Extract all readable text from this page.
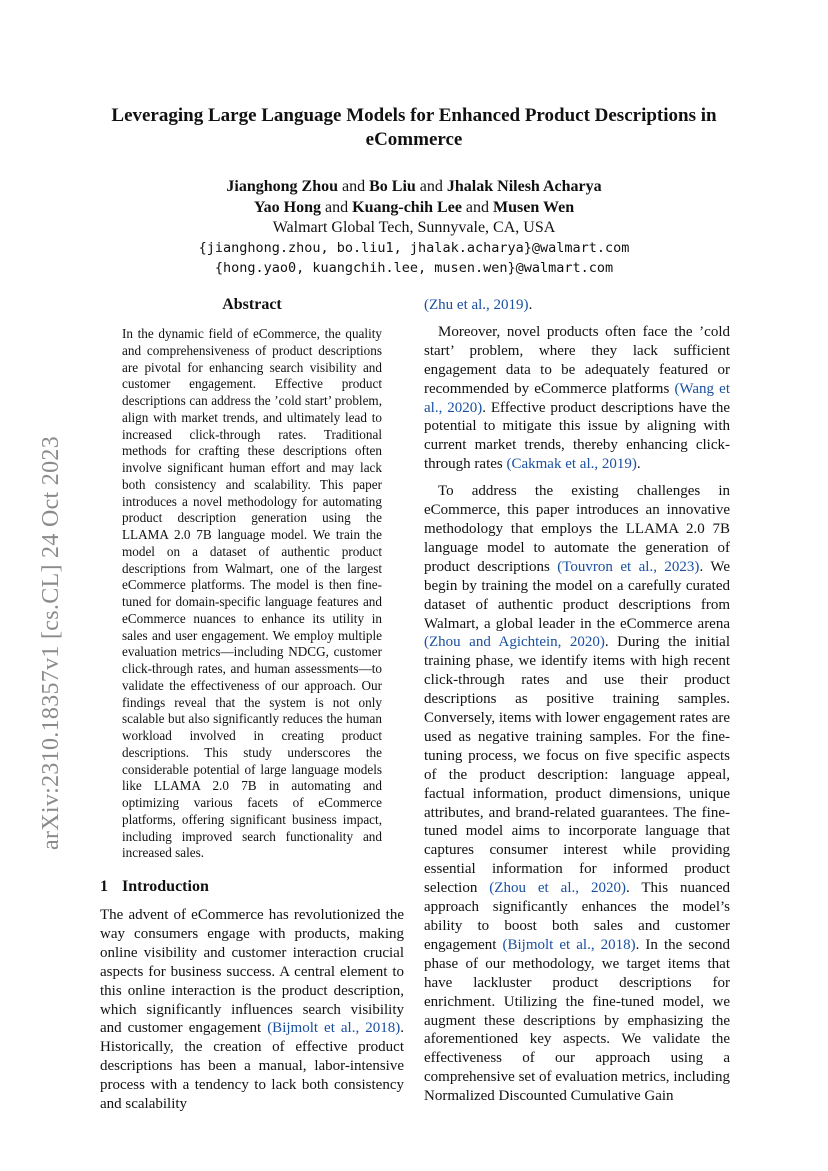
arXiv:2310.18357v1 [cs.CL] 24 Oct 2023
Leveraging Large Language Models for Enhanced Product Descriptions in eCommerce
Jianghong Zhou and Bo Liu and Jhalak Nilesh Acharya
Yao Hong and Kuang-chih Lee and Musen Wen
Walmart Global Tech, Sunnyvale, CA, USA
{jianghong.zhou, bo.liu1, jhalak.acharya}@walmart.com
{hong.yao0, kuangchih.lee, musen.wen}@walmart.com
Abstract
In the dynamic field of eCommerce, the quality and comprehensiveness of product descriptions are pivotal for enhancing search visibility and customer engagement. Effective product descriptions can address the ’cold start’ problem, align with market trends, and ultimately lead to increased click-through rates. Traditional methods for crafting these descriptions often involve significant human effort and may lack both consistency and scalability. This paper introduces a novel methodology for automating product description generation using the LLAMA 2.0 7B language model. We train the model on a dataset of authentic product descriptions from Walmart, one of the largest eCommerce platforms. The model is then fine-tuned for domain-specific language features and eCommerce nuances to enhance its utility in sales and user engagement. We employ multiple evaluation metrics—including NDCG, customer click-through rates, and human assessments—to validate the effectiveness of our approach. Our findings reveal that the system is not only scalable but also significantly reduces the human workload involved in creating product descriptions. This study underscores the considerable potential of large language models like LLAMA 2.0 7B in automating and optimizing various facets of eCommerce platforms, offering significant business impact, including improved search functionality and increased sales.
1 Introduction

The advent of eCommerce has revolutionized the way consumers engage with products, making online visibility and customer interaction crucial aspects for business success. A central element to this online interaction is the product description, which significantly influences search visibility and customer engagement (Bijmolt et al., 2018). Historically, the creation of effective product descriptions has been a manual, labor-intensive process with a tendency to lack both consistency and scalability

(Zhu et al., 2019).

Moreover, novel products often face the ’cold start’ problem, where they lack sufficient engagement data to be adequately featured or recommended by eCommerce platforms (Wang et al., 2020). Effective product descriptions have the potential to mitigate this issue by aligning with current market trends, thereby enhancing click-through rates (Cakmak et al., 2019).

To address the existing challenges in eCommerce, this paper introduces an innovative methodology that employs the LLAMA 2.0 7B language model to automate the generation of product descriptions (Touvron et al., 2023). We begin by training the model on a carefully curated dataset of authentic product descriptions from Walmart, a global leader in the eCommerce arena (Zhou and Agichtein, 2020). During the initial training phase, we identify items with high recent click-through rates and use their product descriptions as positive training samples. Conversely, items with lower engagement rates are used as negative training samples. For the fine-tuning process, we focus on five specific aspects of the product description: language appeal, factual information, product dimensions, unique attributes, and brand-related guarantees. The fine-tuned model aims to incorporate language that captures consumer interest while providing essential information for informed product selection (Zhou et al., 2020). This nuanced approach significantly enhances the model’s ability to boost both sales and customer engagement (Bijmolt et al., 2018). In the second phase of our methodology, we target items that have lackluster product descriptions for enrichment. Utilizing the fine-tuned model, we augment these descriptions by emphasizing the aforementioned key aspects. We validate the effectiveness of our approach using a comprehensive set of evaluation metrics, including Normalized Discounted Cumulative Gain
